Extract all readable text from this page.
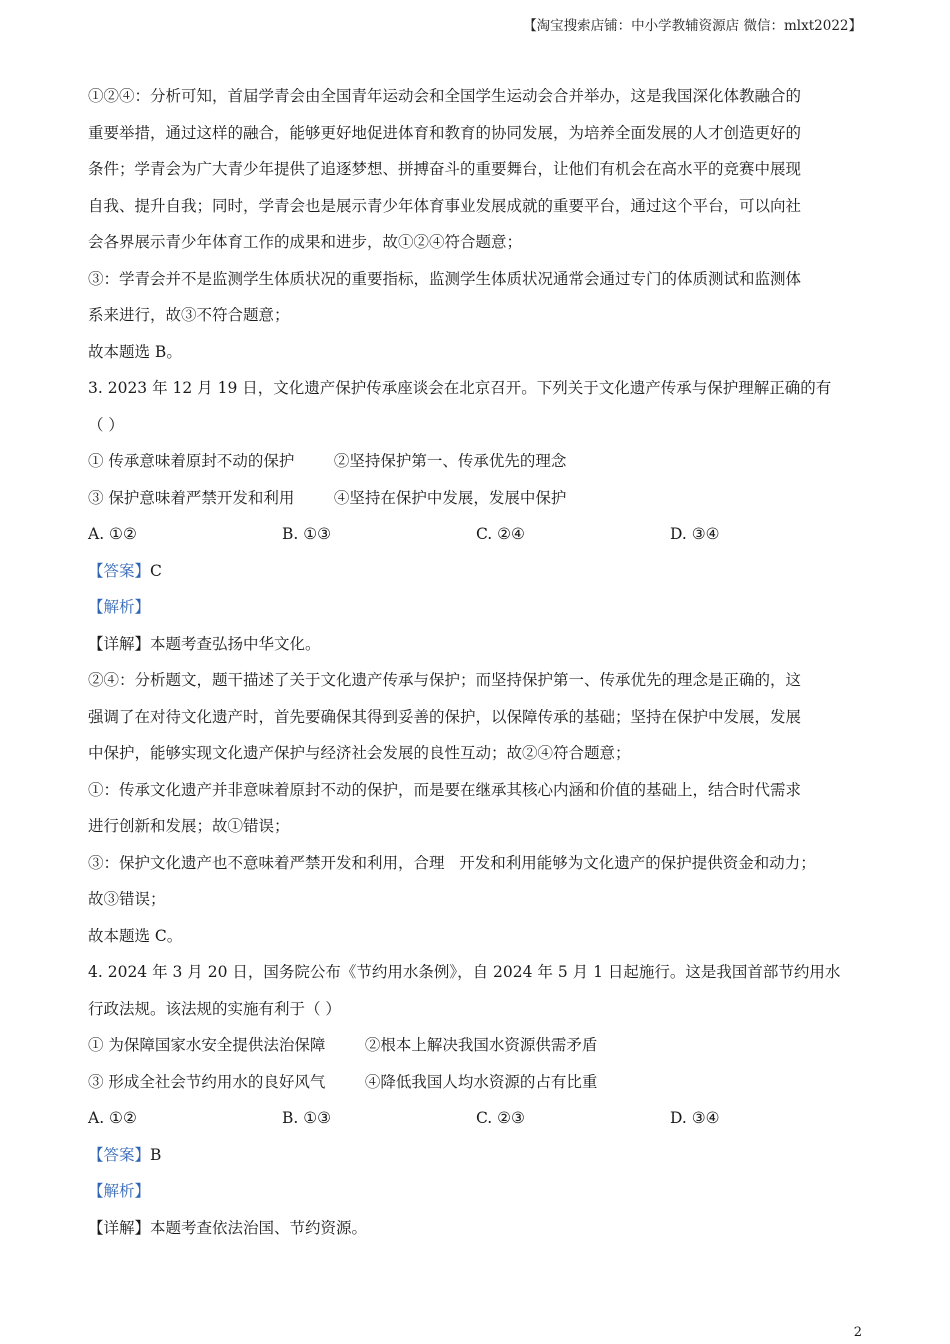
【淘宝搜索店铺：中小学教辅资源店 微信：mlxt2022】
①②④：分析可知，首届学青会由全国青年运动会和全国学生运动会合并举办，这是我国深化体教融合的
重要举措，通过这样的融合，能够更好地促进体育和教育的协同发展，为培养全面发展的人才创造更好的
条件；学青会为广大青少年提供了追逐梦想、拼搏奋斗的重要舞台，让他们有机会在高水平的竞赛中展现
自我、提升自我；同时，学青会也是展示青少年体育事业发展成就的重要平台，通过这个平台，可以向社
会各界展示青少年体育工作的成果和进步，故①②④符合题意；
③：学青会并不是监测学生体质状况的重要指标，监测学生体质状况通常会通过专门的体质测试和监测体
系来进行，故③不符合题意；
故本题选 B。
3. 2023 年 12 月 19 日，文化遗产保护传承座谈会在北京召开。下列关于文化遗产传承与保护理解正确的有
（ ）
① 传承意味着原封不动的保护        ②坚持保护第一、传承优先的理念
③ 保护意味着严禁开发和利用        ④坚持在保护中发展，发展中保护
A. ①②	B. ①③	C. ②④	D. ③④
【答案】C
【解析】
【详解】本题考查弘扬中华文化。
②④：分析题文，题干描述了关于文化遗产传承与保护；而坚持保护第一、传承优先的理念是正确的，这
强调了在对待文化遗产时，首先要确保其得到妥善的保护，以保障传承的基础；坚持在保护中发展，发展
中保护，能够实现文化遗产保护与经济社会发展的良性互动；故②④符合题意；
①：传承文化遗产并非意味着原封不动的保护，而是要在继承其核心内涵和价值的基础上，结合时代需求
进行创新和发展；故①错误；
③：保护文化遗产也不意味着严禁开发和利用，合理   开发和利用能够为文化遗产的保护提供资金和动力；
故③错误；
故本题选 C。
4. 2024 年 3 月 20 日，国务院公布《节约用水条例》，自 2024 年 5 月 1 日起施行。这是我国首部节约用水
行政法规。该法规的实施有利于（ ）
① 为保障国家水安全提供法治保障        ②根本上解决我国水资源供需矛盾
③ 形成全社会节约用水的良好风气        ④降低我国人均水资源的占有比重
A. ①②	B. ①③	C. ②③	D. ③④
【答案】B
【解析】
【详解】本题考查依法治国、节约资源。
2
